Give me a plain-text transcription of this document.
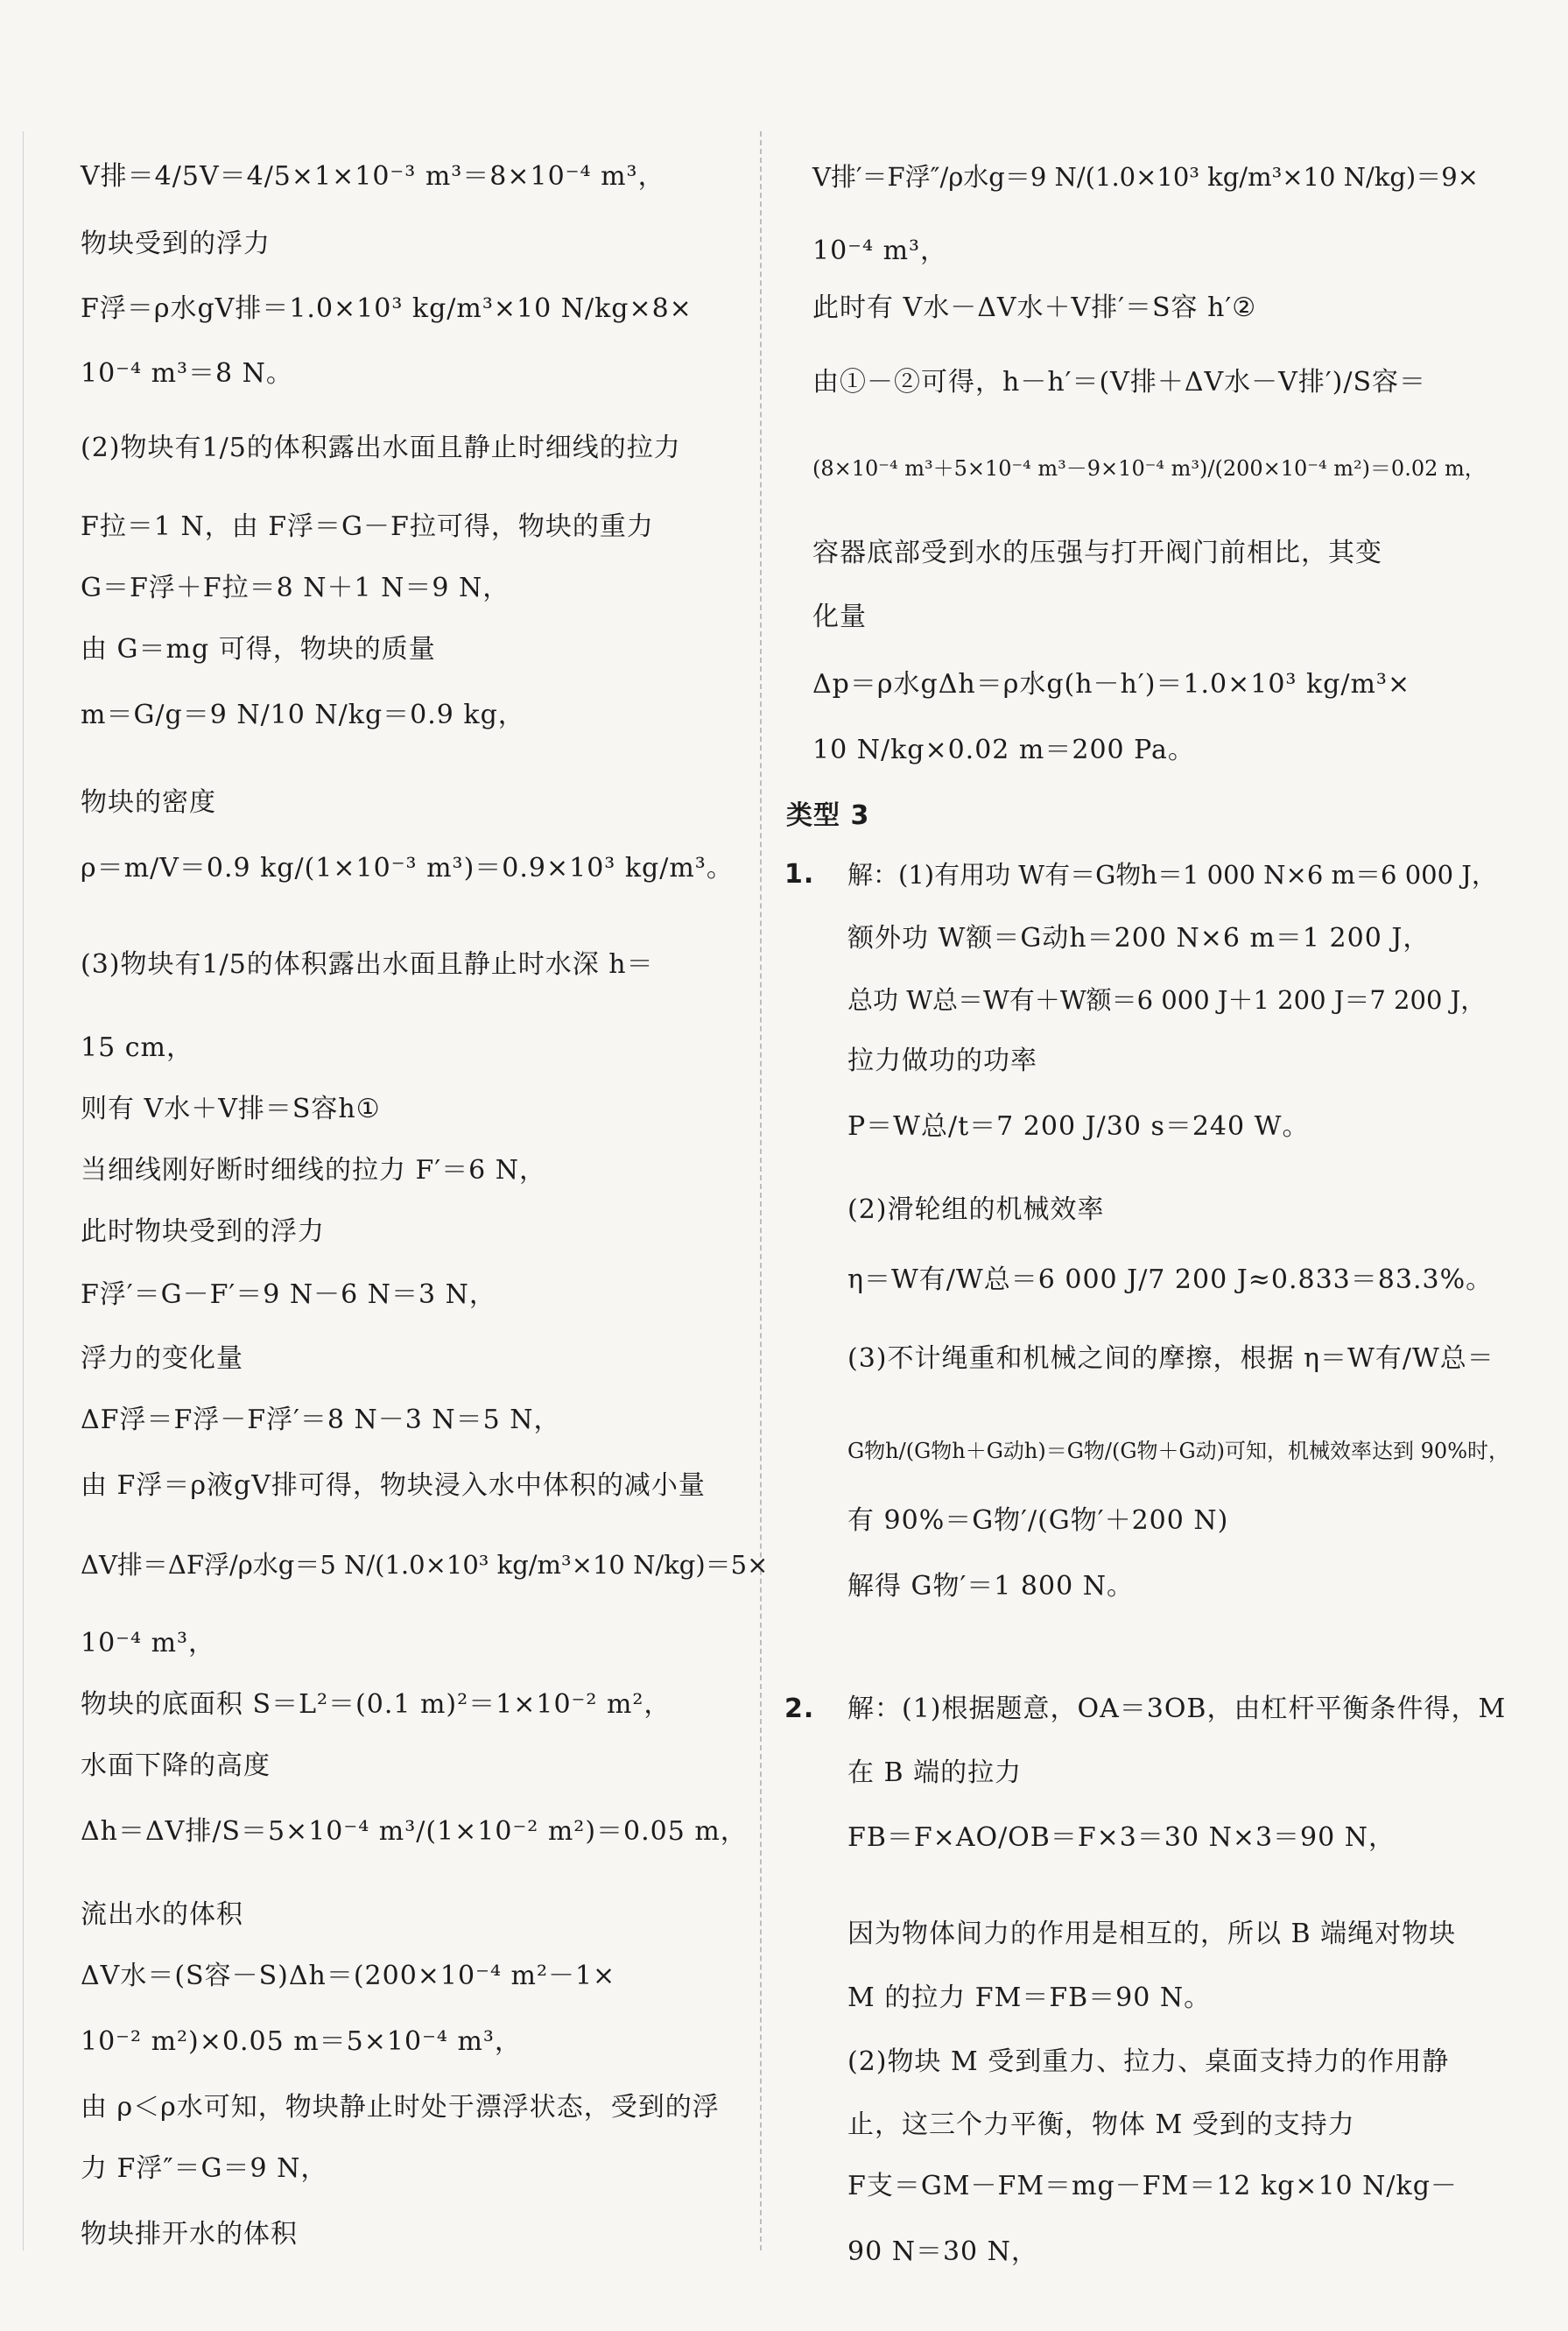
V排＝4/5V＝4/5×1×10⁻³ m³＝8×10⁻⁴ m³，
物块受到的浮力
F浮＝ρ水gV排＝1.0×10³ kg/m³×10 N/kg×8×
10⁻⁴ m³＝8 N。
(2)物块有1/5的体积露出水面且静止时细线的拉力
F拉＝1 N，由 F浮＝G－F拉可得，物块的重力
G＝F浮＋F拉＝8 N＋1 N＝9 N，
由 G＝mg 可得，物块的质量
m＝G/g＝9 N/10 N/kg＝0.9 kg，
物块的密度
ρ＝m/V＝0.9 kg/(1×10⁻³ m³)＝0.9×10³ kg/m³。
(3)物块有1/5的体积露出水面且静止时水深 h＝
15 cm，
则有 V水＋V排＝S容h①
当细线刚好断时细线的拉力 F′＝6 N，
此时物块受到的浮力
F浮′＝G－F′＝9 N－6 N＝3 N，
浮力的变化量
ΔF浮＝F浮－F浮′＝8 N－3 N＝5 N，
由 F浮＝ρ液gV排可得，物块浸入水中体积的减小量
ΔV排＝ΔF浮/ρ水g＝5 N/(1.0×10³ kg/m³×10 N/kg)＝5×
10⁻⁴ m³，
物块的底面积 S＝L²＝(0.1 m)²＝1×10⁻² m²，
水面下降的高度
Δh＝ΔV排/S＝5×10⁻⁴ m³/(1×10⁻² m²)＝0.05 m，
流出水的体积
ΔV水＝(S容－S)Δh＝(200×10⁻⁴ m²－1×
10⁻² m²)×0.05 m＝5×10⁻⁴ m³，
由 ρ＜ρ水可知，物块静止时处于漂浮状态，受到的浮
力 F浮″＝G＝9 N，
物块排开水的体积
V排′＝F浮″/ρ水g＝9 N/(1.0×10³ kg/m³×10 N/kg)＝9×
10⁻⁴ m³，
此时有 V水－ΔV水＋V排′＝S容 h′②
由①－②可得，h－h′＝(V排＋ΔV水－V排′)/S容＝
(8×10⁻⁴ m³＋5×10⁻⁴ m³－9×10⁻⁴ m³)/(200×10⁻⁴ m²)＝0.02 m，
容器底部受到水的压强与打开阀门前相比，其变
化量
Δp＝ρ水gΔh＝ρ水g(h－h′)＝1.0×10³ kg/m³×
10 N/kg×0.02 m＝200 Pa。
类型 3
解：(1)有用功 W有＝G物h＝1 000 N×6 m＝6 000 J，
1.
额外功 W额＝G动h＝200 N×6 m＝1 200 J，
总功 W总＝W有＋W额＝6 000 J＋1 200 J＝7 200 J，
拉力做功的功率
P＝W总/t＝7 200 J/30 s＝240 W。
(2)滑轮组的机械效率
η＝W有/W总＝6 000 J/7 200 J≈0.833＝83.3%。
(3)不计绳重和机械之间的摩擦，根据 η＝W有/W总＝
G物h/(G物h＋G动h)＝G物/(G物＋G动)可知，机械效率达到 90%时，
有 90%＝G物′/(G物′＋200 N)
解得 G物′＝1 800 N。
解：(1)根据题意，OA＝3OB，由杠杆平衡条件得，M
2.
在 B 端的拉力
FB＝F×AO/OB＝F×3＝30 N×3＝90 N，
因为物体间力的作用是相互的，所以 B 端绳对物块
M 的拉力 FM＝FB＝90 N。
(2)物块 M 受到重力、拉力、桌面支持力的作用静
止，这三个力平衡，物体 M 受到的支持力
F支＝GM－FM＝mg－FM＝12 kg×10 N/kg－
90 N＝30 N，
